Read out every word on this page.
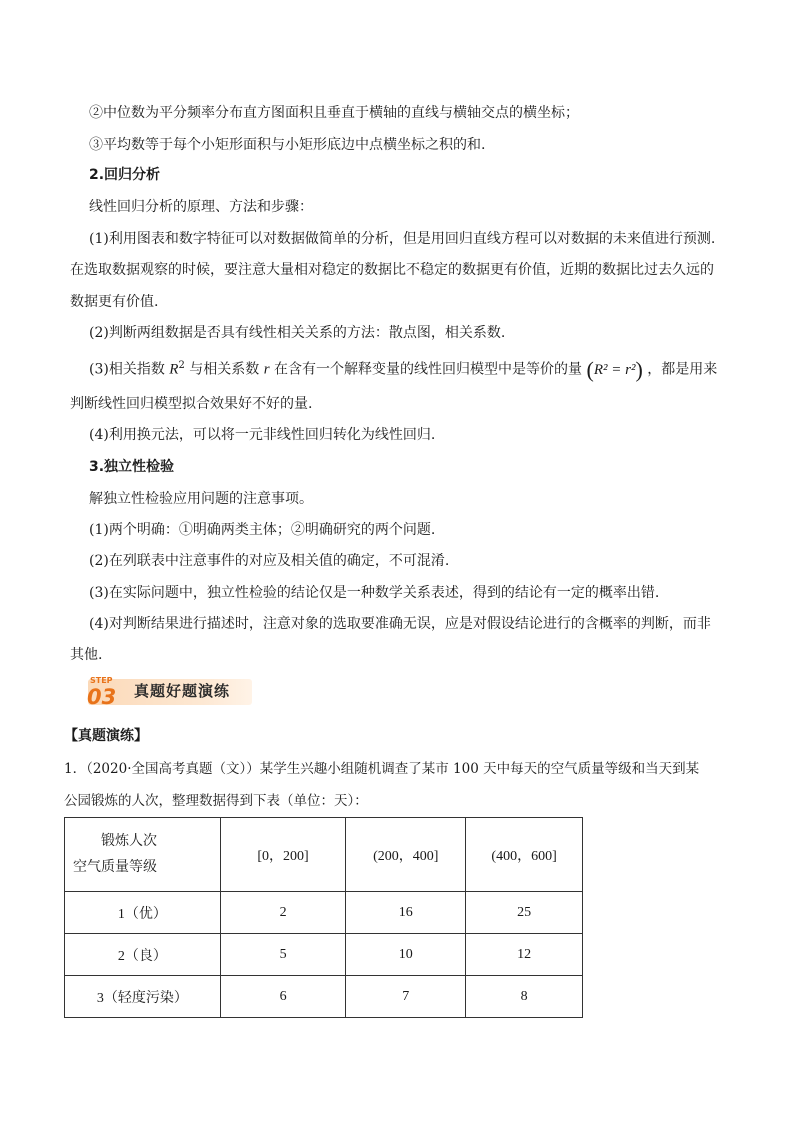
②中位数为平分频率分布直方图面积且垂直于横轴的直线与横轴交点的横坐标；
③平均数等于每个小矩形面积与小矩形底边中点横坐标之积的和.
2.回归分析
线性回归分析的原理、方法和步骤：
(1)利用图表和数字特征可以对数据做简单的分析，但是用回归直线方程可以对数据的未来值进行预测.
在选取数据观察的时候，要注意大量相对稳定的数据比不稳定的数据更有价值，近期的数据比过去久远的
数据更有价值.
(2)判断两组数据是否具有线性相关关系的方法：散点图，相关系数.
(3)相关指数 $R^2$ 与相关系数 r 在含有一个解释变量的线性回归模型中是等价的量 (R² = r²) ，都是用来
判断线性回归模型拟合效果好不好的量.
(4)利用换元法，可以将一元非线性回归转化为线性回归.
3.独立性检验
解独立性检验应用问题的注意事项。
(1)两个明确：①明确两类主体；②明确研究的两个问题.
(2)在列联表中注意事件的对应及相关值的确定，不可混淆.
(3)在实际问题中，独立性检验的结论仅是一种数学关系表述，得到的结论有一定的概率出错.
(4)对判断结果进行描述时，注意对象的选取要准确无误，应是对假设结论进行的含概率的判断，而非
其他.
STEP
03 真题好题演练
【真题演练】
1．（2020·全国高考真题（文））某学生兴趣小组随机调查了某市 100 天中每天的空气质量等级和当天到某
公园锻炼的人次，整理数据得到下表（单位：天）：
锻炼人次
空气质量等级	[0，200]	(200，400]	(400，600]
1（优）	2	16	25
2（良）	5	10	12
3（轻度污染）	6	7	8
